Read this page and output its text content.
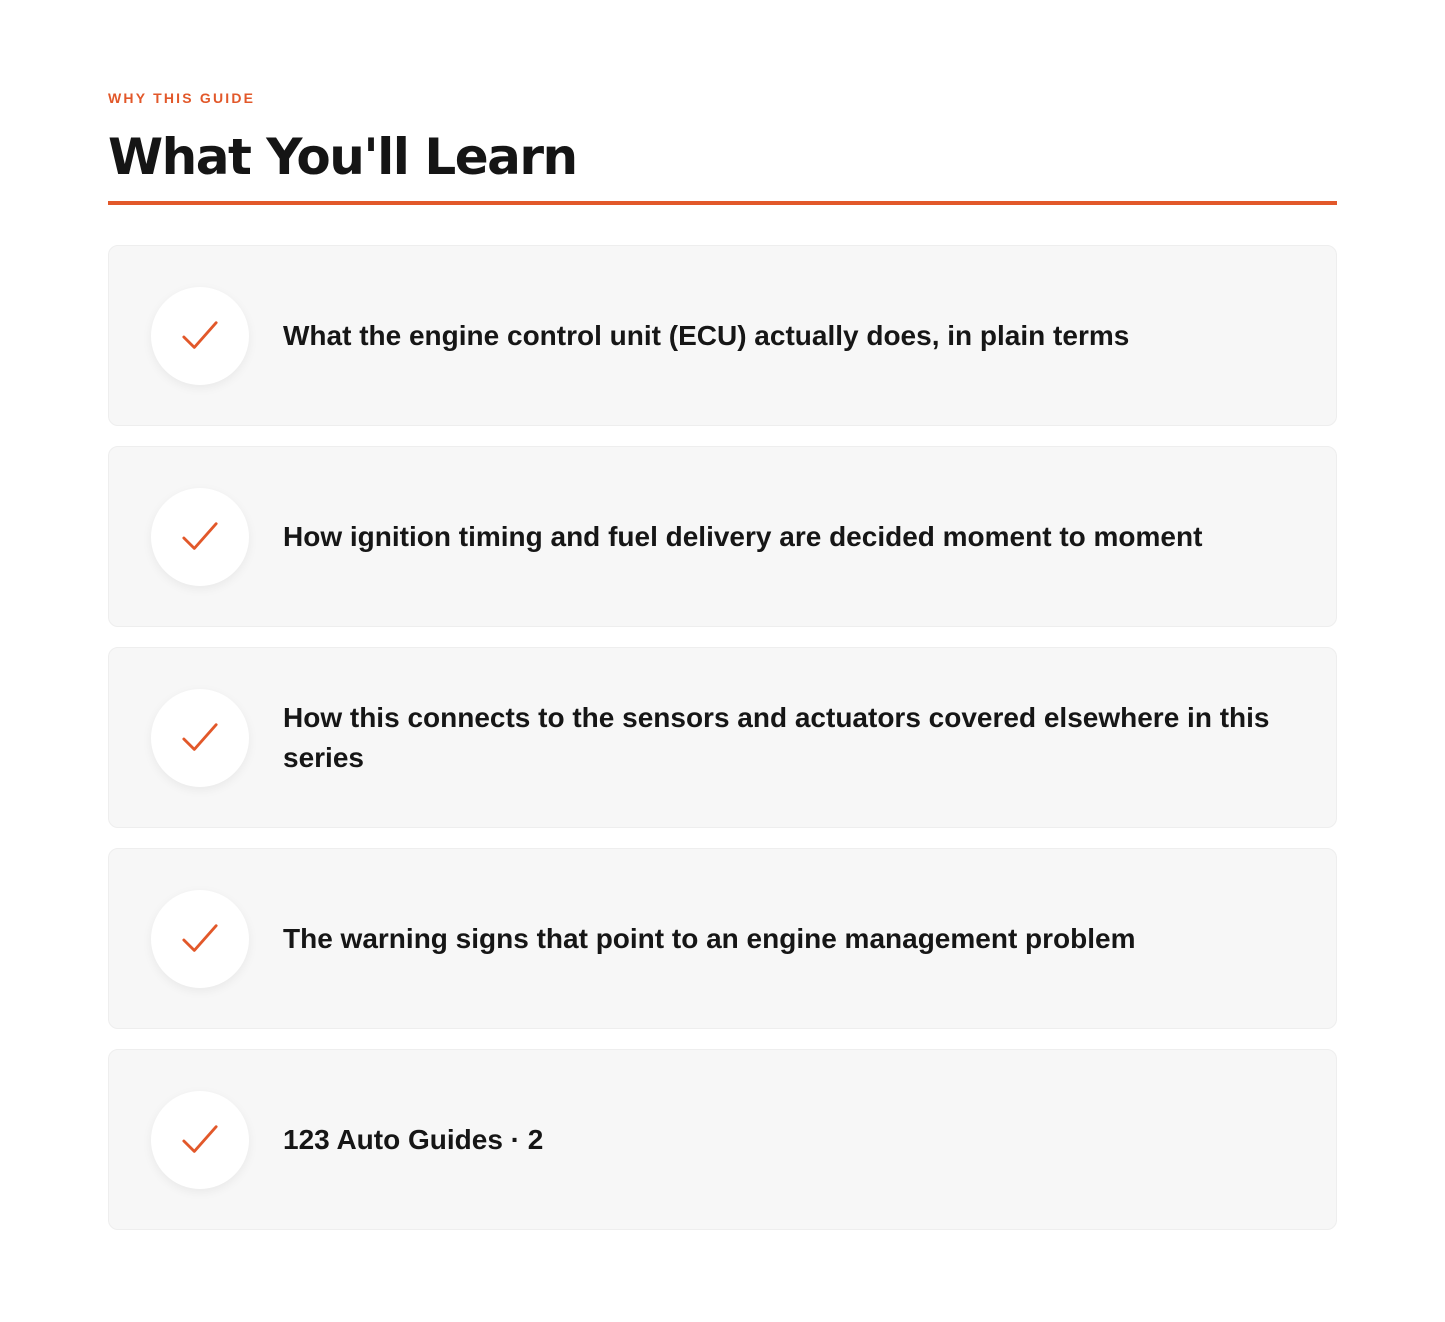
WHY THIS GUIDE

What You'll Learn
What the engine control unit (ECU) actually does, in plain terms
How ignition timing and fuel delivery are decided moment to moment
How this connects to the sensors and actuators covered elsewhere in this series
The warning signs that point to an engine management problem
123 Auto Guides · 2
